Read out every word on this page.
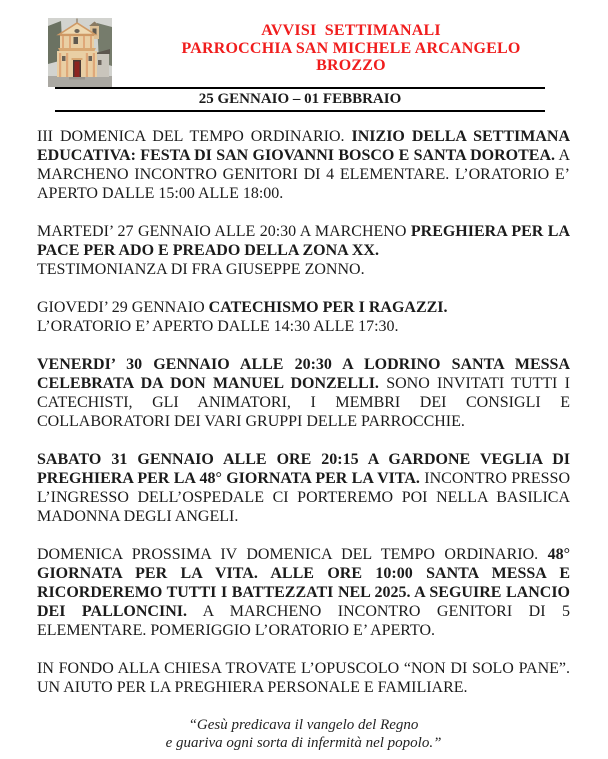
AVVISI  SETTIMANALI
PARROCCHIA SAN MICHELE ARCANGELO
BROZZO
25 GENNAIO – 01 FEBBRAIO

III DOMENICA DEL TEMPO ORDINARIO. INIZIO DELLA SETTIMANA EDUCATIVA: FESTA DI SAN GIOVANNI BOSCO E SANTA DOROTEA. A MARCHENO INCONTRO GENITORI DI 4 ELEMENTARE. L’ORATORIO E’ APERTO DALLE 15:00 ALLE 18:00.

MARTEDI’ 27 GENNAIO ALLE 20:30 A MARCHENO PREGHIERA PER LA PACE PER ADO E PREADO DELLA ZONA XX.
TESTIMONIANZA DI FRA GIUSEPPE ZONNO.

GIOVEDI’ 29 GENNAIO CATECHISMO PER I RAGAZZI.
L’ORATORIO E’ APERTO DALLE 14:30 ALLE 17:30.

VENERDI’ 30 GENNAIO ALLE 20:30 A LODRINO SANTA MESSA CELEBRATA DA DON MANUEL DONZELLI. SONO INVITATI TUTTI I CATECHISTI, GLI ANIMATORI, I MEMBRI DEI CONSIGLI E COLLABORATORI DEI VARI GRUPPI DELLE PARROCCHIE.

SABATO 31 GENNAIO ALLE ORE 20:15 A GARDONE VEGLIA DI PREGHIERA PER LA 48° GIORNATA PER LA VITA. INCONTRO PRESSO L’INGRESSO DELL’OSPEDALE CI PORTEREMO POI NELLA BASILICA MADONNA DEGLI ANGELI.

DOMENICA PROSSIMA IV DOMENICA DEL TEMPO ORDINARIO. 48° GIORNATA PER LA VITA. ALLE ORE 10:00 SANTA MESSA E RICORDEREMO TUTTI I BATTEZZATI NEL 2025. A SEGUIRE LANCIO DEI PALLONCINI. A MARCHENO INCONTRO GENITORI DI 5 ELEMENTARE. POMERIGGIO L’ORATORIO E’ APERTO.

IN FONDO ALLA CHIESA TROVATE L’OPUSCOLO “NON DI SOLO PANE”. UN AIUTO PER LA PREGHIERA PERSONALE E FAMILIARE.

“Gesù predicava il vangelo del Regno
e guariva ogni sorta di infermità nel popolo.”
